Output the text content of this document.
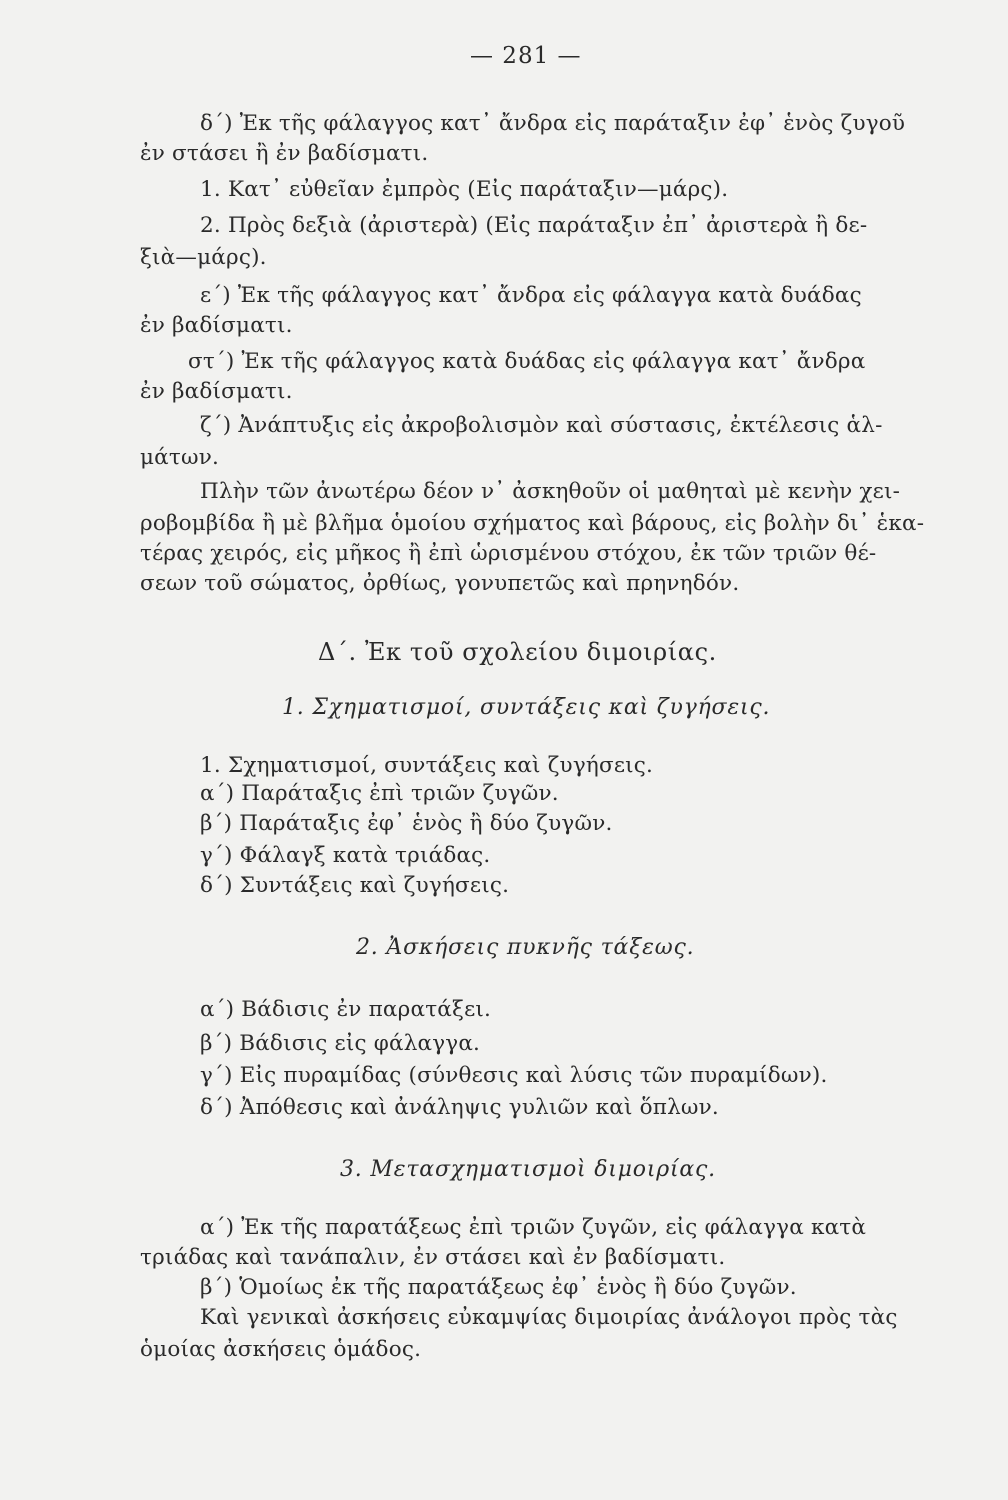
— 281 —
δ΄) Ἐκ τῆς φάλαγγος κατ᾽ ἄνδρα εἰς παράταξιν ἐφ᾽ ἑνὸς ζυγοῦ
ἐν στάσει ἢ ἐν βαδίσματι.
1. Κατ᾽ εὐθεῖαν ἐμπρὸς (Εἰς παράταξιν—μάρς).
2. Πρὸς δεξιὰ (ἀριστερὰ) (Εἰς παράταξιν ἐπ᾽ ἀριστερὰ ἢ δε-
ξιὰ—μάρς).
ε΄) Ἐκ τῆς φάλαγγος κατ᾽ ἄνδρα εἰς φάλαγγα κατὰ δυάδας
ἐν βαδίσματι.
στ΄) Ἐκ τῆς φάλαγγος κατὰ δυάδας εἰς φάλαγγα κατ᾽ ἄνδρα
ἐν βαδίσματι.
ζ΄) Ἀνάπτυξις εἰς ἀκροβολισμὸν καὶ σύστασις, ἐκτέλεσις ἁλ-
μάτων.
Πλὴν τῶν ἀνωτέρω δέον ν᾽ ἀσκηθοῦν οἱ μαθηταὶ μὲ κενὴν χει-
ροβομβίδα ἢ μὲ βλῆμα ὁμοίου σχήματος καὶ βάρους, εἰς βολὴν δι᾽ ἑκα-
τέρας χειρός, εἰς μῆκος ἢ ἐπὶ ὡρισμένου στόχου, ἐκ τῶν τριῶν θέ-
σεων τοῦ σώματος, ὀρθίως, γονυπετῶς καὶ πρηνηδόν.
Δ΄. Ἐκ τοῦ σχολείου διμοιρίας.
1. Σχηματισμοί, συντάξεις καὶ ζυγήσεις.
1. Σχηματισμοί, συντάξεις καὶ ζυγήσεις.
α΄) Παράταξις ἐπὶ τριῶν ζυγῶν.
β΄) Παράταξις ἐφ᾽ ἑνὸς ἢ δύο ζυγῶν.
γ΄) Φάλαγξ κατὰ τριάδας.
δ΄) Συντάξεις καὶ ζυγήσεις.
2. Ἀσκήσεις πυκνῆς τάξεως.
α΄) Βάδισις ἐν παρατάξει.
β΄) Βάδισις εἰς φάλαγγα.
γ΄) Εἰς πυραμίδας (σύνθεσις καὶ λύσις τῶν πυραμίδων).
δ΄) Ἀπόθεσις καὶ ἀνάληψις γυλιῶν καὶ ὅπλων.
3. Μετασχηματισμοὶ διμοιρίας.
α΄) Ἐκ τῆς παρατάξεως ἐπὶ τριῶν ζυγῶν, εἰς φάλαγγα κατὰ
τριάδας καὶ τανάπαλιν, ἐν στάσει καὶ ἐν βαδίσματι.
β΄) Ὁμοίως ἐκ τῆς παρατάξεως ἐφ᾽ ἑνὸς ἢ δύο ζυγῶν.
Καὶ γενικαὶ ἀσκήσεις εὐκαμψίας διμοιρίας ἀνάλογοι πρὸς τὰς
ὁμοίας ἀσκήσεις ὁμάδος.
